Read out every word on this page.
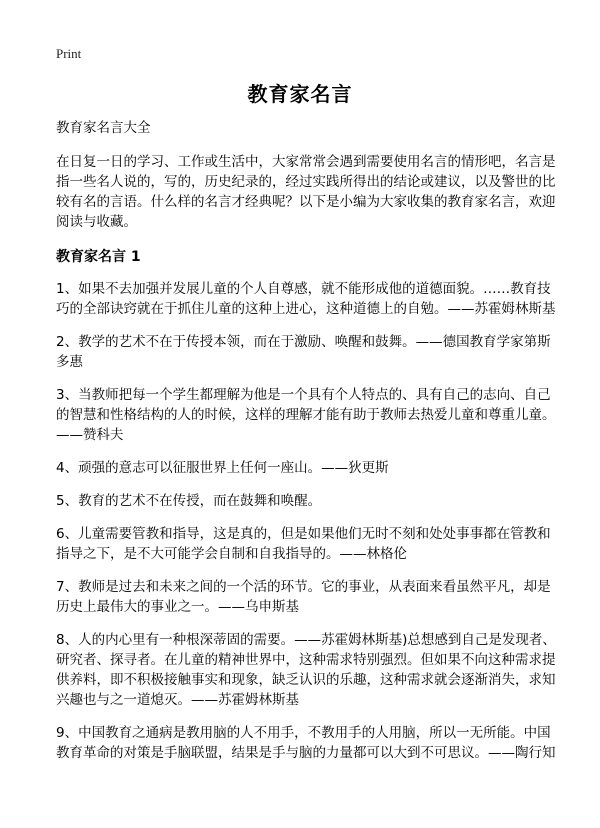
Print
教育家名言

教育家名言大全

在日复一日的学习、工作或生活中，大家常常会遇到需要使用名言的情形吧，名言是指一些名人说的，写的，历史纪录的，经过实践所得出的结论或建议，以及警世的比较有名的言语。什么样的名言才经典呢？以下是小编为大家收集的教育家名言，欢迎阅读与收藏。

教育家名言 1

1、如果不去加强并发展儿童的个人自尊感，就不能形成他的道德面貌。……教育技巧的全部诀窍就在于抓住儿童的这种上进心，这种道德上的自勉。——苏霍姆林斯基

2、教学的艺术不在于传授本领，而在于激励、唤醒和鼓舞。——德国教育学家第斯多惠

3、当教师把每一个学生都理解为他是一个具有个人特点的、具有自己的志向、自己的智慧和性格结构的人的时候，这样的理解才能有助于教师去热爱儿童和尊重儿童。——赞科夫

4、顽强的意志可以征服世界上任何一座山。——狄更斯

5、教育的艺术不在传授，而在鼓舞和唤醒。

6、儿童需要管教和指导，这是真的，但是如果他们无时不刻和处处事事都在管教和指导之下，是不大可能学会自制和自我指导的。——林格伦

7、教师是过去和未来之间的一个活的环节。它的事业，从表面来看虽然平凡，却是历史上最伟大的事业之一。——乌申斯基

8、人的内心里有一种根深蒂固的需要。——苏霍姆林斯基)总想感到自己是发现者、研究者、探寻者。在儿童的精神世界中，这种需求特别强烈。但如果不向这种需求提供养料，即不积极接触事实和现象，缺乏认识的乐趣，这种需求就会逐渐消失，求知兴趣也与之一道熄灭。——苏霍姆林斯基

9、中国教育之通病是教用脑的人不用手，不教用手的人用脑，所以一无所能。中国教育革命的对策是手脑联盟，结果是手与脑的力量都可以大到不可思议。——陶行知
